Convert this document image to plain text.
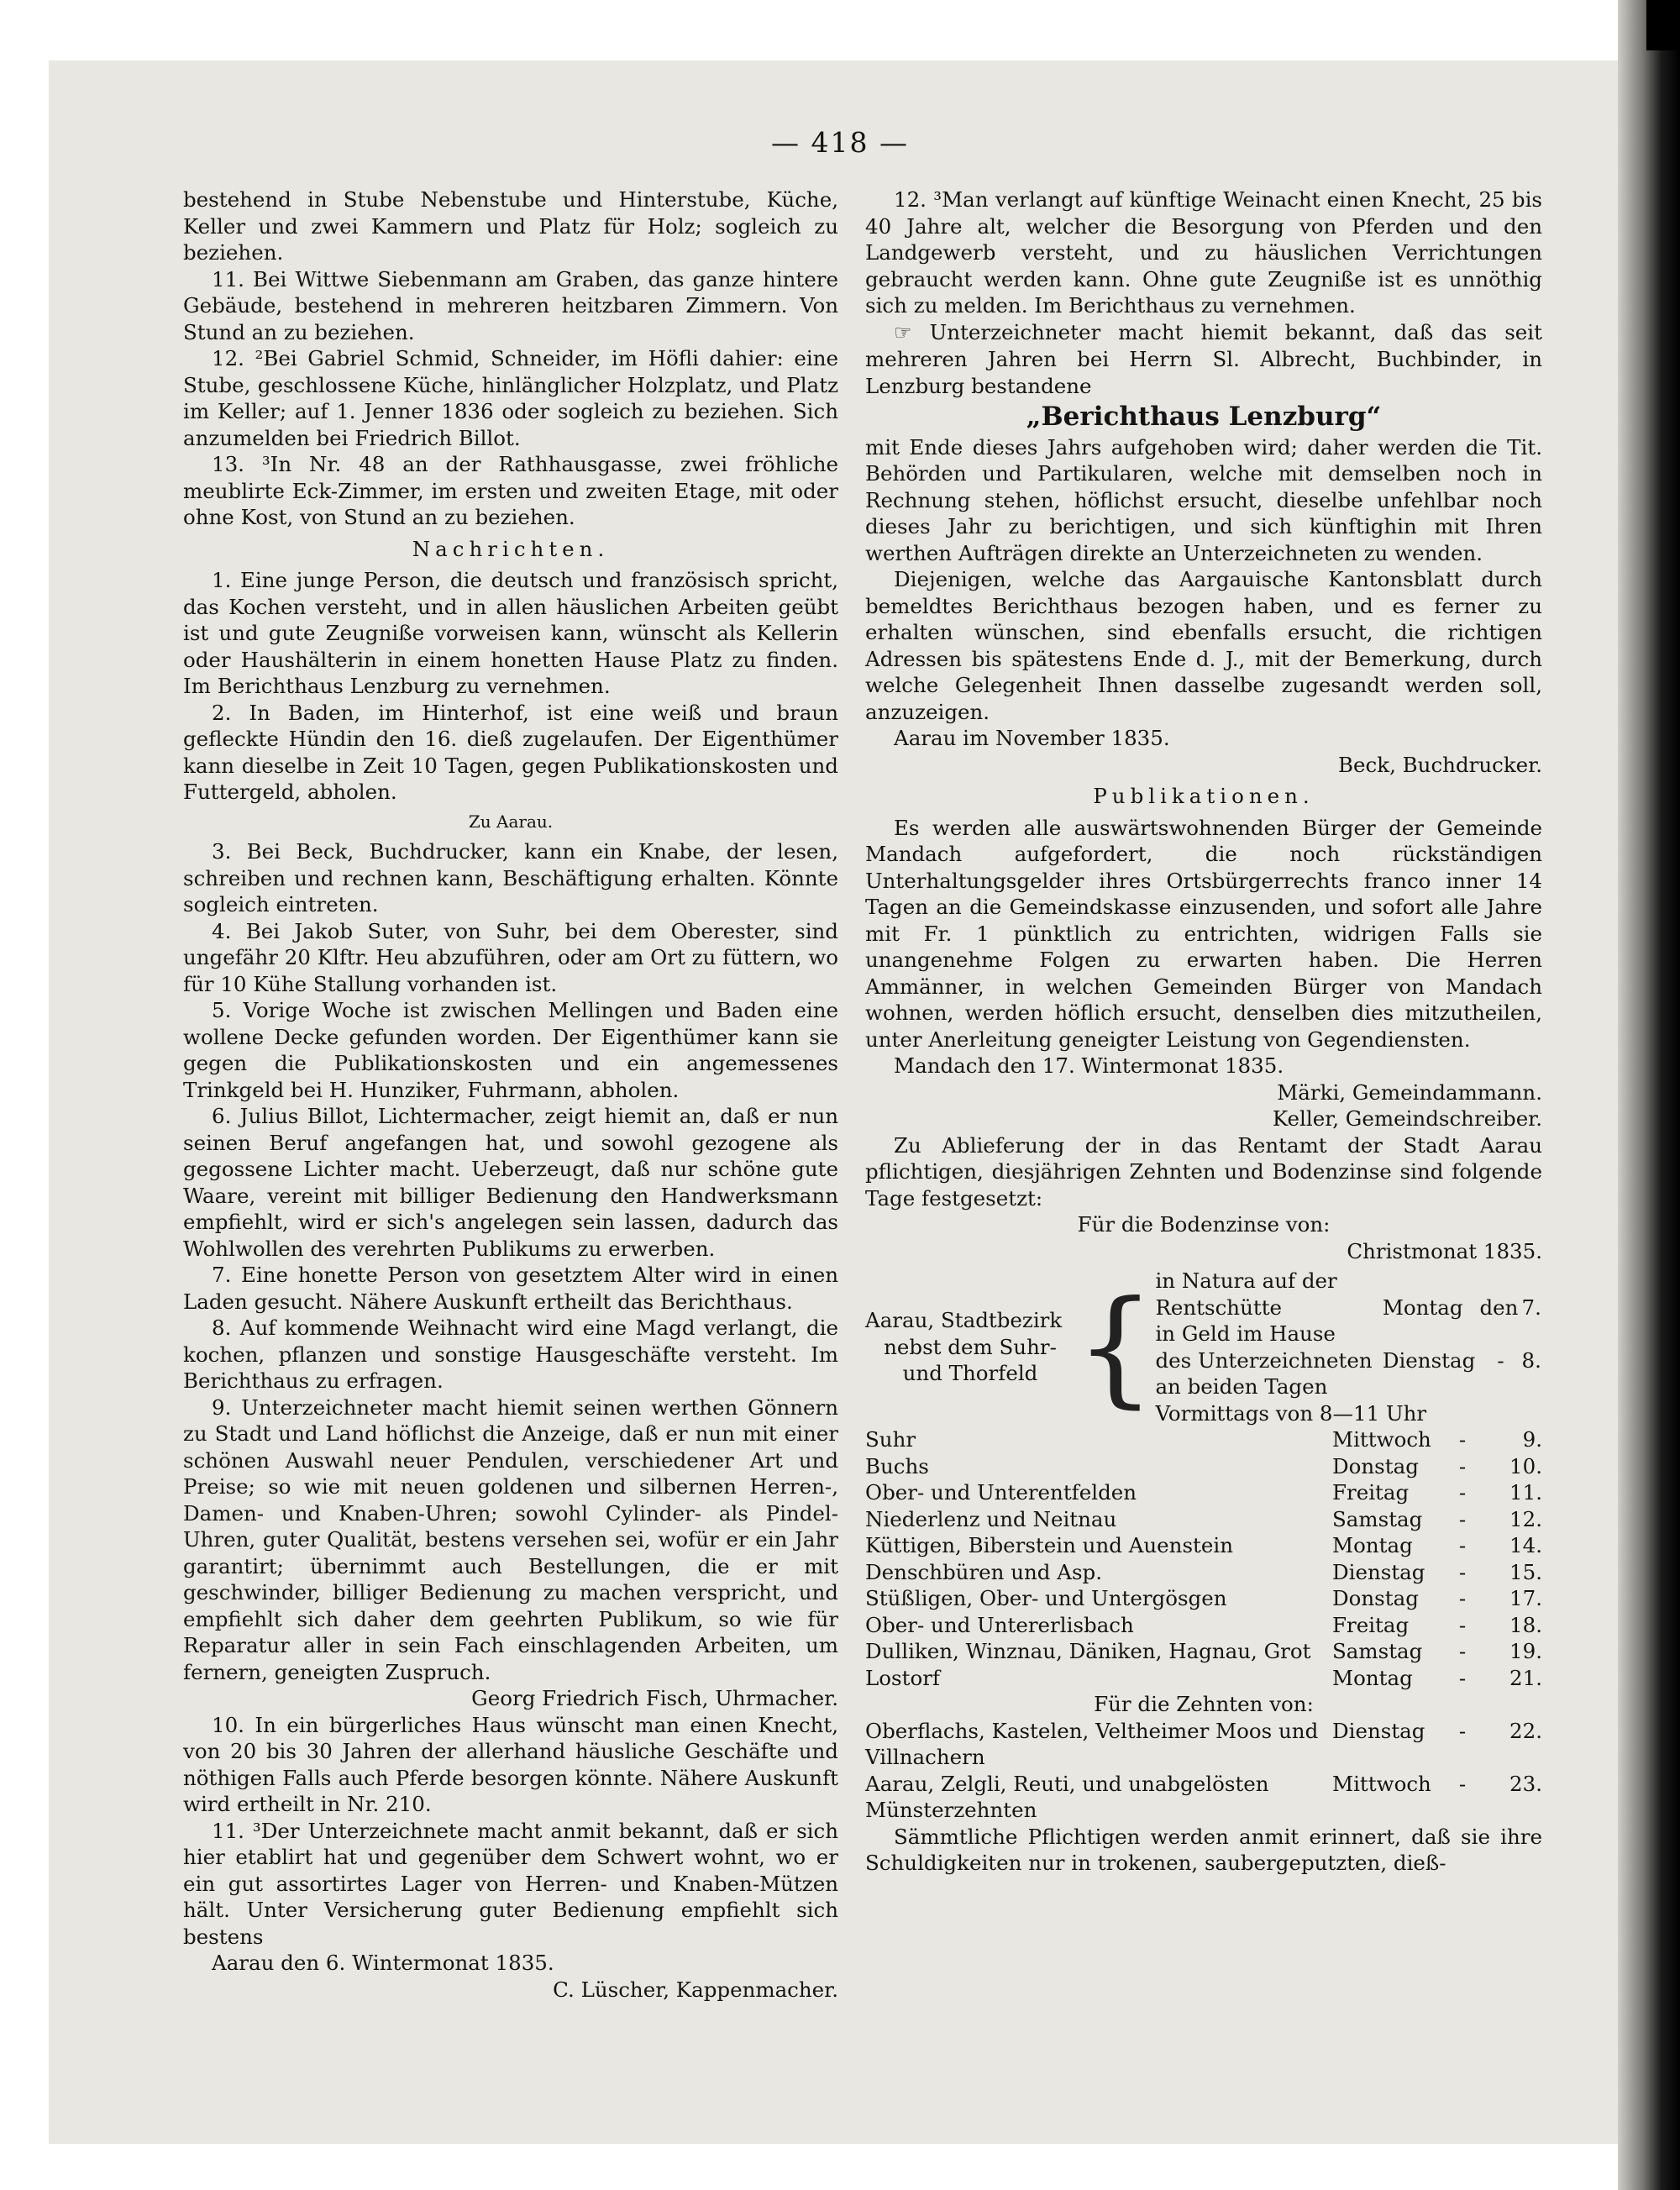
— 418 —

bestehend in Stube Nebenstube und Hinterstube, Küche, Keller und zwei Kammern und Platz für Holz; sogleich zu beziehen.

11. Bei Wittwe Siebenmann am Graben, das ganze hintere Gebäude, bestehend in mehreren heitzbaren Zimmern. Von Stund an zu beziehen.

12. ²Bei Gabriel Schmid, Schneider, im Höfli dahier: eine Stube, geschlossene Küche, hinlänglicher Holzplatz, und Platz im Keller; auf 1. Jenner 1836 oder sogleich zu beziehen. Sich anzumelden bei Friedrich Billot.

13. ³In Nr. 48 an der Rathhausgasse, zwei fröhliche meublirte Eck-Zimmer, im ersten und zweiten Etage, mit oder ohne Kost, von Stund an zu beziehen.

Nachrichten.

1. Eine junge Person, die deutsch und französisch spricht, das Kochen versteht, und in allen häuslichen Arbeiten geübt ist und gute Zeugniße vorweisen kann, wünscht als Kellerin oder Haushälterin in einem honetten Hause Platz zu finden. Im Berichthaus Lenzburg zu vernehmen.

2. In Baden, im Hinterhof, ist eine weiß und braun gefleckte Hündin den 16. dieß zugelaufen. Der Eigenthümer kann dieselbe in Zeit 10 Tagen, gegen Publikationskosten und Futtergeld, abholen.

Zu Aarau.

3. Bei Beck, Buchdrucker, kann ein Knabe, der lesen, schreiben und rechnen kann, Beschäftigung erhalten. Könnte sogleich eintreten.

4. Bei Jakob Suter, von Suhr, bei dem Oberester, sind ungefähr 20 Klftr. Heu abzuführen, oder am Ort zu füttern, wo für 10 Kühe Stallung vorhanden ist.

5. Vorige Woche ist zwischen Mellingen und Baden eine wollene Decke gefunden worden. Der Eigenthümer kann sie gegen die Publikationskosten und ein angemessenes Trinkgeld bei H. Hunziker, Fuhrmann, abholen.

6. Julius Billot, Lichtermacher, zeigt hiemit an, daß er nun seinen Beruf angefangen hat, und sowohl gezogene als gegossene Lichter macht. Ueberzeugt, daß nur schöne gute Waare, vereint mit billiger Bedienung den Handwerksmann empfiehlt, wird er sich's angelegen sein lassen, dadurch das Wohlwollen des verehrten Publikums zu erwerben.

7. Eine honette Person von gesetztem Alter wird in einen Laden gesucht. Nähere Auskunft ertheilt das Berichthaus.

8. Auf kommende Weihnacht wird eine Magd verlangt, die kochen, pflanzen und sonstige Hausgeschäfte versteht. Im Berichthaus zu erfragen.

9. Unterzeichneter macht hiemit seinen werthen Gönnern zu Stadt und Land höflichst die Anzeige, daß er nun mit einer schönen Auswahl neuer Pendulen, verschiedener Art und Preise; so wie mit neuen goldenen und silbernen Herren-, Damen- und Knaben-Uhren; sowohl Cylinder- als Pindel-Uhren, guter Qualität, bestens versehen sei, wofür er ein Jahr garantirt; übernimmt auch Bestellungen, die er mit geschwinder, billiger Bedienung zu machen verspricht, und empfiehlt sich daher dem geehrten Publikum, so wie für Reparatur aller in sein Fach einschlagenden Arbeiten, um fernern, geneigten Zuspruch.

Georg Friedrich Fisch, Uhrmacher.

10. In ein bürgerliches Haus wünscht man einen Knecht, von 20 bis 30 Jahren der allerhand häusliche Geschäfte und nöthigen Falls auch Pferde besorgen könnte. Nähere Auskunft wird ertheilt in Nr. 210.

11. ³Der Unterzeichnete macht anmit bekannt, daß er sich hier etablirt hat und gegenüber dem Schwert wohnt, wo er ein gut assortirtes Lager von Herren- und Knaben-Mützen hält. Unter Versicherung guter Bedienung empfiehlt sich bestens

Aarau den 6. Wintermonat 1835.

C. Lüscher, Kappenmacher.

12. ³Man verlangt auf künftige Weinacht einen Knecht, 25 bis 40 Jahre alt, welcher die Besorgung von Pferden und den Landgewerb versteht, und zu häuslichen Verrichtungen gebraucht werden kann. Ohne gute Zeugniße ist es unnöthig sich zu melden. Im Berichthaus zu vernehmen.

☞ Unterzeichneter macht hiemit bekannt, daß das seit mehreren Jahren bei Herrn Sl. Albrecht, Buchbinder, in Lenzburg bestandene

„Berichthaus Lenzburg“

mit Ende dieses Jahrs aufgehoben wird; daher werden die Tit. Behörden und Partikularen, welche mit demselben noch in Rechnung stehen, höflichst ersucht, dieselbe unfehlbar noch dieses Jahr zu berichtigen, und sich künftighin mit Ihren werthen Aufträgen direkte an Unterzeichneten zu wenden.

Diejenigen, welche das Aargauische Kantonsblatt durch bemeldtes Berichthaus bezogen haben, und es ferner zu erhalten wünschen, sind ebenfalls ersucht, die richtigen Adressen bis spätestens Ende d. J., mit der Bemerkung, durch welche Gelegenheit Ihnen dasselbe zugesandt werden soll, anzuzeigen.

Aarau im November 1835.

Beck, Buchdrucker.

Publikationen.

Es werden alle auswärtswohnenden Bürger der Gemeinde Mandach aufgefordert, die noch rückständigen Unterhaltungsgelder ihres Ortsbürgerrechts franco inner 14 Tagen an die Gemeindskasse einzusenden, und sofort alle Jahre mit Fr. 1 pünktlich zu entrichten, widrigen Falls sie unangenehme Folgen zu erwarten haben. Die Herren Ammänner, in welchen Gemeinden Bürger von Mandach wohnen, werden höflich ersucht, denselben dies mitzutheilen, unter Anerleitung geneigter Leistung von Gegendiensten.

Mandach den 17. Wintermonat 1835.

Märki, Gemeindammann.

Keller, Gemeindschreiber.

Zu Ablieferung der in das Rentamt der Stadt Aarau pflichtigen, diesjährigen Zehnten und Bodenzinse sind folgende Tage festgesetzt:

Für die Bodenzinse von:

Christmonat 1835.

Aarau, Stadtbezirk
nebst dem Suhr-
und Thorfeld	{	in Natura auf der			
		Rentschütte	Montag	den	7.
		in Geld im Hause			
		des Unterzeichneten	Dienstag	-	8.
		an beiden Tagen			
		Vormittags von 8—11 Uhr			
Suhr	Mittwoch	-	9.
Buchs	Donstag	-	10.
Ober- und Unterentfelden	Freitag	-	11.
Niederlenz und Neitnau	Samstag	-	12.
Küttigen, Biberstein und Auenstein	Montag	-	14.
Denschbüren und Asp.	Dienstag	-	15.
Stüßligen, Ober- und Untergösgen	Donstag	-	17.
Ober- und Untererlisbach	Freitag	-	18.
Dulliken, Winznau, Däniken, Hagnau, Grot	Samstag	-	19.
Lostorf	Montag	-	21.

Für die Zehnten von:

Oberflachs, Kastelen, Veltheimer Moos und Villnachern	Dienstag	-	22.
Aarau, Zelgli, Reuti, und unabgelösten Münsterzehnten	Mittwoch	-	23.

Sämmtliche Pflichtigen werden anmit erinnert, daß sie ihre Schuldigkeiten nur in trokenen, saubergeputzten, dieß-
